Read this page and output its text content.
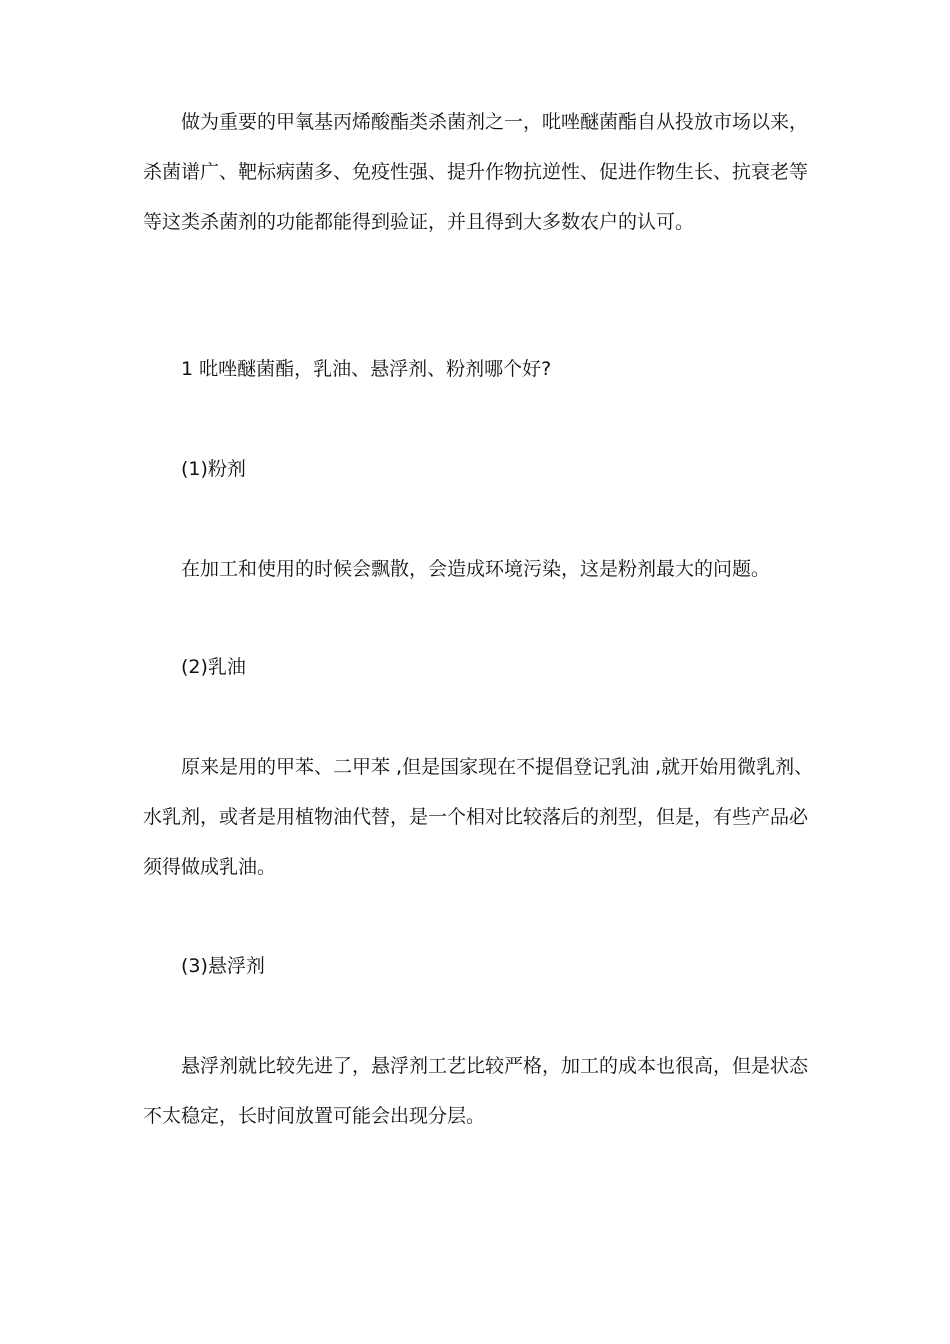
做为重要的甲氧基丙烯酸酯类杀菌剂之一，吡唑醚菌酯自从投放市场以来，杀菌谱广、靶标病菌多、免疫性强、提升作物抗逆性、促进作物生长、抗衰老等等这类杀菌剂的功能都能得到验证，并且得到大多数农户的认可。

1 吡唑醚菌酯，乳油、悬浮剂、粉剂哪个好?

(1)粉剂

在加工和使用的时候会飘散，会造成环境污染，这是粉剂最大的问题。

(2)乳油

原来是用的甲苯、二甲苯 ,但是国家现在不提倡登记乳油 ,就开始用微乳剂、水乳剂，或者是用植物油代替，是一个相对比较落后的剂型，但是，有些产品必须得做成乳油。

(3)悬浮剂

悬浮剂就比较先进了，悬浮剂工艺比较严格，加工的成本也很高，但是状态不太稳定，长时间放置可能会出现分层。
